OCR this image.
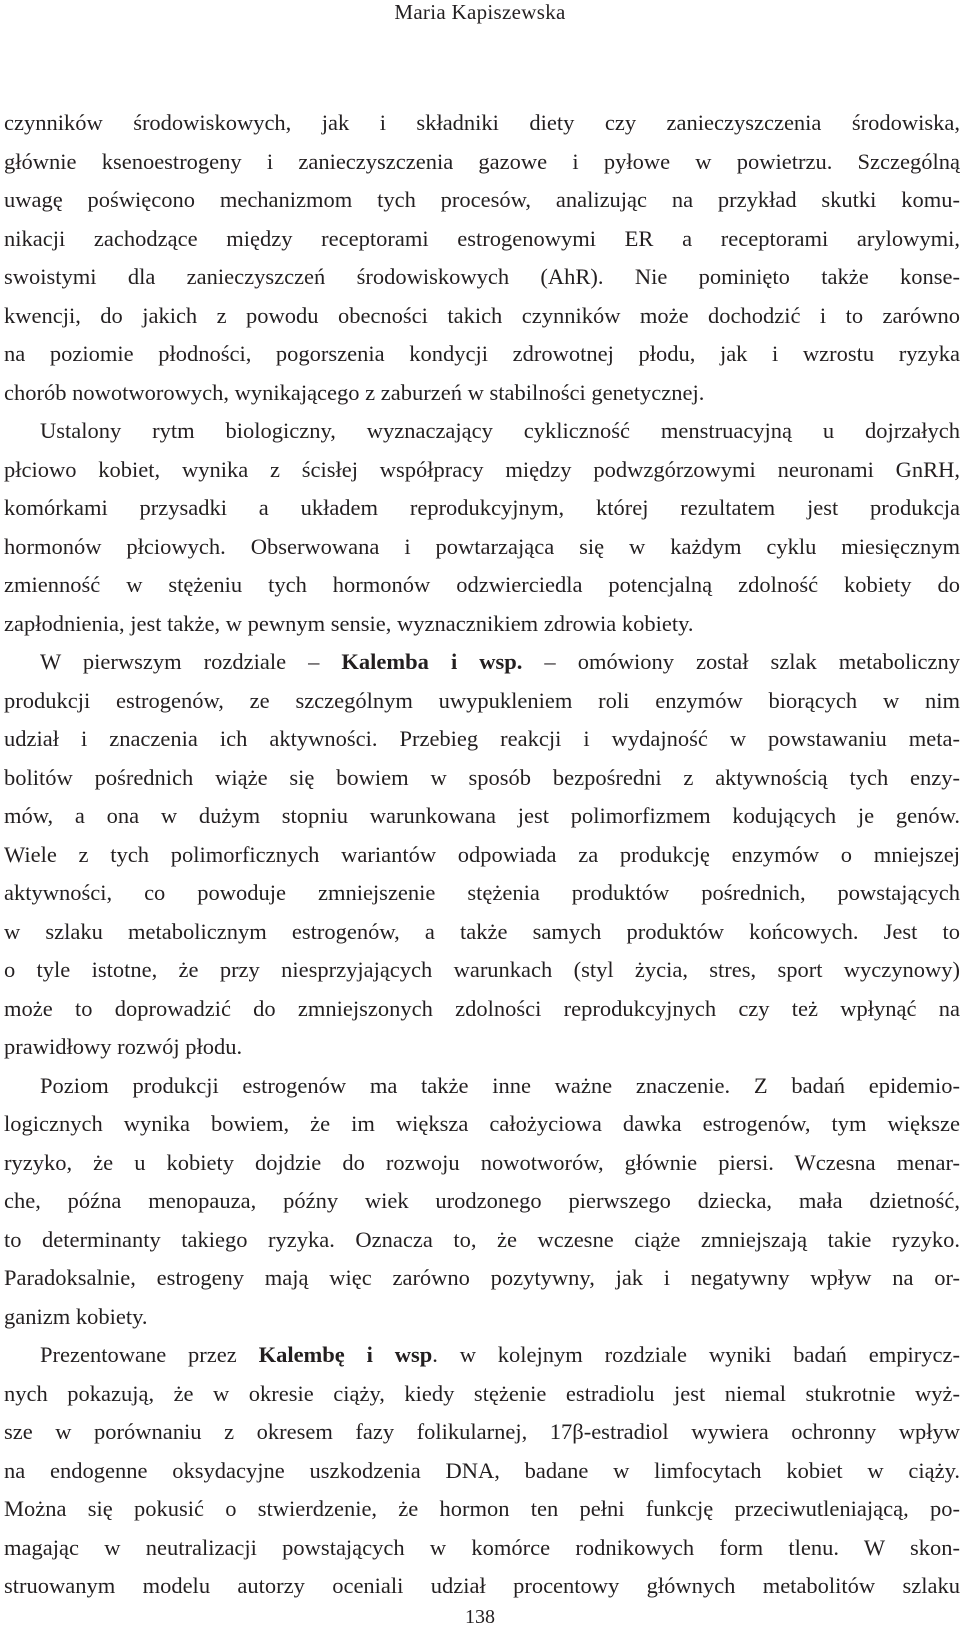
Maria Kapiszewska
czynników środowiskowych, jak i składniki diety czy zanieczyszczenia środowiska,
głównie ksenoestrogeny i zanieczyszczenia gazowe i pyłowe w powietrzu. Szczególną
uwagę poświęcono mechanizmom tych procesów, analizując na przykład skutki komu-
nikacji zachodzące między receptorami estrogenowymi ER a receptorami arylowymi,
swoistymi dla zanieczyszczeń środowiskowych (AhR). Nie pominięto także konse-
kwencji, do jakich z powodu obecności takich czynników może dochodzić i to zarówno
na poziomie płodności, pogorszenia kondycji zdrowotnej płodu, jak i wzrostu ryzyka
chorób nowotworowych, wynikającego z zaburzeń w stabilności genetycznej.
Ustalony rytm biologiczny, wyznaczający cykliczność menstruacyjną u dojrzałych
płciowo kobiet, wynika z ścisłej współpracy między podwzgórzowymi neuronami GnRH,
komórkami przysadki a układem reprodukcyjnym, której rezultatem jest produkcja
hormonów płciowych. Obserwowana i powtarzająca się w każdym cyklu miesięcznym
zmienność w stężeniu tych hormonów odzwierciedla potencjalną zdolność kobiety do
zapłodnienia, jest także, w pewnym sensie, wyznacznikiem zdrowia kobiety.
W pierwszym rozdziale – Kalemba i wsp. – omówiony został szlak metaboliczny
produkcji estrogenów, ze szczególnym uwypukleniem roli enzymów biorących w nim
udział i znaczenia ich aktywności. Przebieg reakcji i wydajność w powstawaniu meta-
bolitów pośrednich wiąże się bowiem w sposób bezpośredni z aktywnością tych enzy-
mów, a ona w dużym stopniu warunkowana jest polimorfizmem kodujących je genów.
Wiele z tych polimorficznych wariantów odpowiada za produkcję enzymów o mniejszej
aktywności, co powoduje zmniejszenie stężenia produktów pośrednich, powstających
w szlaku metabolicznym estrogenów, a także samych produktów końcowych. Jest to
o tyle istotne, że przy niesprzyjających warunkach (styl życia, stres, sport wyczynowy)
może to doprowadzić do zmniejszonych zdolności reprodukcyjnych czy też wpłynąć na
prawidłowy rozwój płodu.
Poziom produkcji estrogenów ma także inne ważne znaczenie. Z badań epidemio-
logicznych wynika bowiem, że im większa całożyciowa dawka estrogenów, tym większe
ryzyko, że u kobiety dojdzie do rozwoju nowotworów, głównie piersi. Wczesna menar-
che, późna menopauza, późny wiek urodzonego pierwszego dziecka, mała dzietność,
to determinanty takiego ryzyka. Oznacza to, że wczesne ciąże zmniejszają takie ryzyko.
Paradoksalnie, estrogeny mają więc zarówno pozytywny, jak i negatywny wpływ na or-
ganizm kobiety.
Prezentowane przez Kalembę i wsp. w kolejnym rozdziale wyniki badań empirycz-
nych pokazują, że w okresie ciąży, kiedy stężenie estradiolu jest niemal stukrotnie wyż-
sze w porównaniu z okresem fazy folikularnej, 17β-estradiol wywiera ochronny wpływ
na endogenne oksydacyjne uszkodzenia DNA, badane w limfocytach kobiet w ciąży.
Można się pokusić o stwierdzenie, że hormon ten pełni funkcję przeciwutleniającą, po-
magając w neutralizacji powstających w komórce rodnikowych form tlenu. W skon-
struowanym modelu autorzy oceniali udział procentowy głównych metabolitów szlaku
138
